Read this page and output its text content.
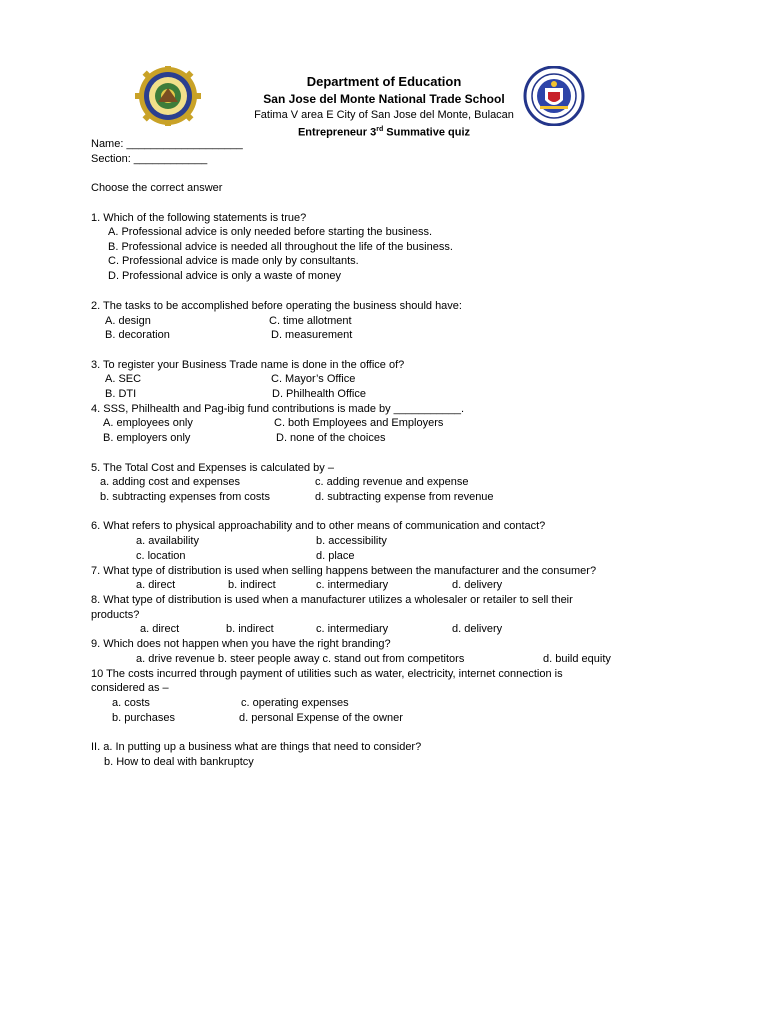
Department of Education
San Jose del Monte National Trade School
Fatima V area E City of San Jose del Monte, Bulacan
Entrepreneur 3rd Summative quiz
Name: ___________________
Section: ____________
Choose the correct answer
1. Which of the following statements is true?
A. Professional advice is only needed before starting the business.
B. Professional advice is needed all throughout the life of the business.
C. Professional advice is made only by consultants.
D. Professional advice is only a waste of money
2. The tasks to be accomplished before operating the business should have:
A. design	C. time allotment
B. decoration	D. measurement
3. To register your Business Trade name is done in the office of?
A. SEC	C. Mayor’s Office
B. DTI	D. Philhealth Office
4. SSS, Philhealth and Pag-ibig fund contributions is made by ___________.
A. employees only	C. both Employees and Employers
B. employers only	D. none of the choices
5. The Total Cost and Expenses is calculated by –
a. adding cost and expenses	c. adding revenue and expense
b. subtracting expenses from costs	d. subtracting expense from revenue
6. What refers to physical approachability and to other means of communication and contact?
a. availability	b. accessibility
c. location	d. place
7. What type of distribution is used when selling happens between the manufacturer and the consumer?
a. direct	b. indirect	c. intermediary	d. delivery
8. What type of distribution is used when a manufacturer utilizes a wholesaler or retailer to sell their
products?
a. direct	b. indirect	c. intermediary	d. delivery
9. Which does not happen when you have the right branding?
a. drive revenue b. steer people away c. stand out from competitors	d. build equity
10 The costs incurred through payment of utilities such as water, electricity, internet connection is
considered as –
a. costs	c. operating expenses
b. purchases	d. personal Expense of the owner
II. a. In putting up a business what are things that need to consider?
b. How to deal with bankruptcy
